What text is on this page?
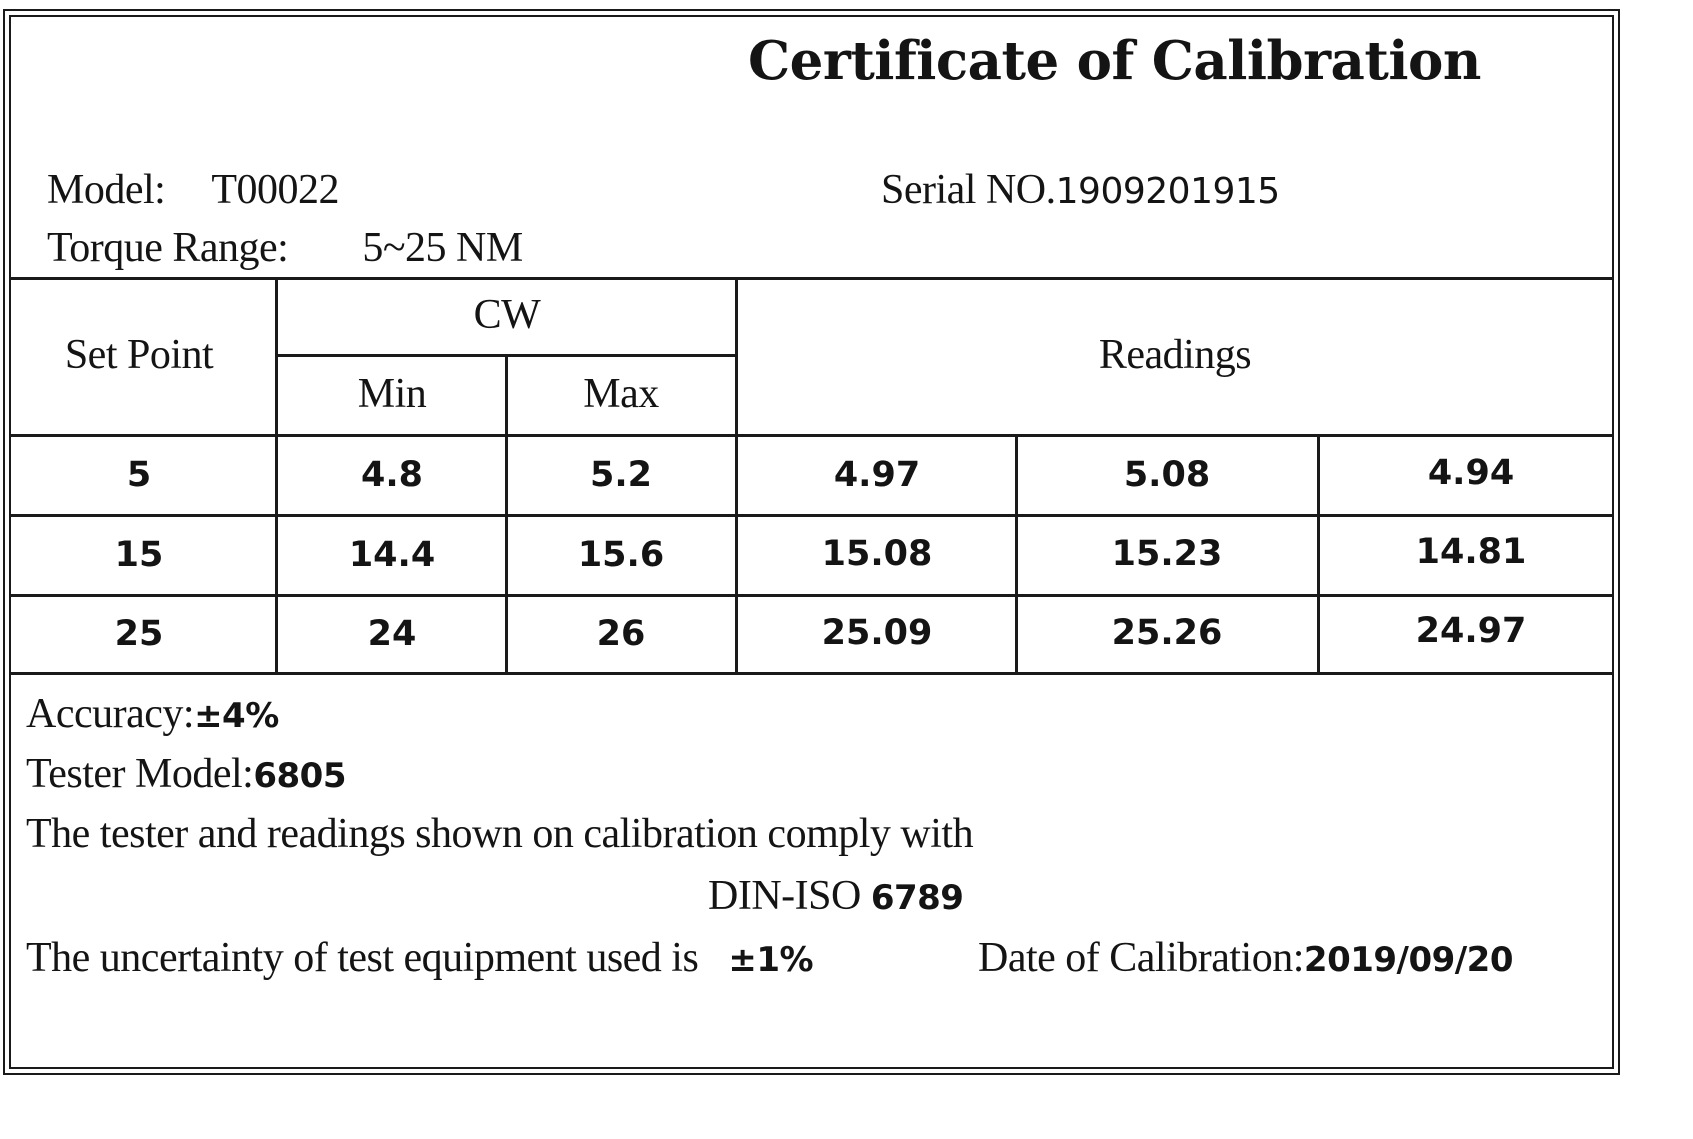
Certificate of Calibration
Model: T00022	Serial NO.1909201915
Torque Range: 5~25 NM
Set Point
CW
Min	Max
Readings
5	4.8	5.2	4.97	5.08	4.94
15	14.4	15.6	15.08	15.23	14.81
25	24	26	25.09	25.26	24.97
Accuracy:±4%
Tester Model:6805
The tester and readings shown on calibration comply with
DIN-ISO 6789
The uncertainty of test equipment used is ±1%	Date of Calibration:2019/09/20
